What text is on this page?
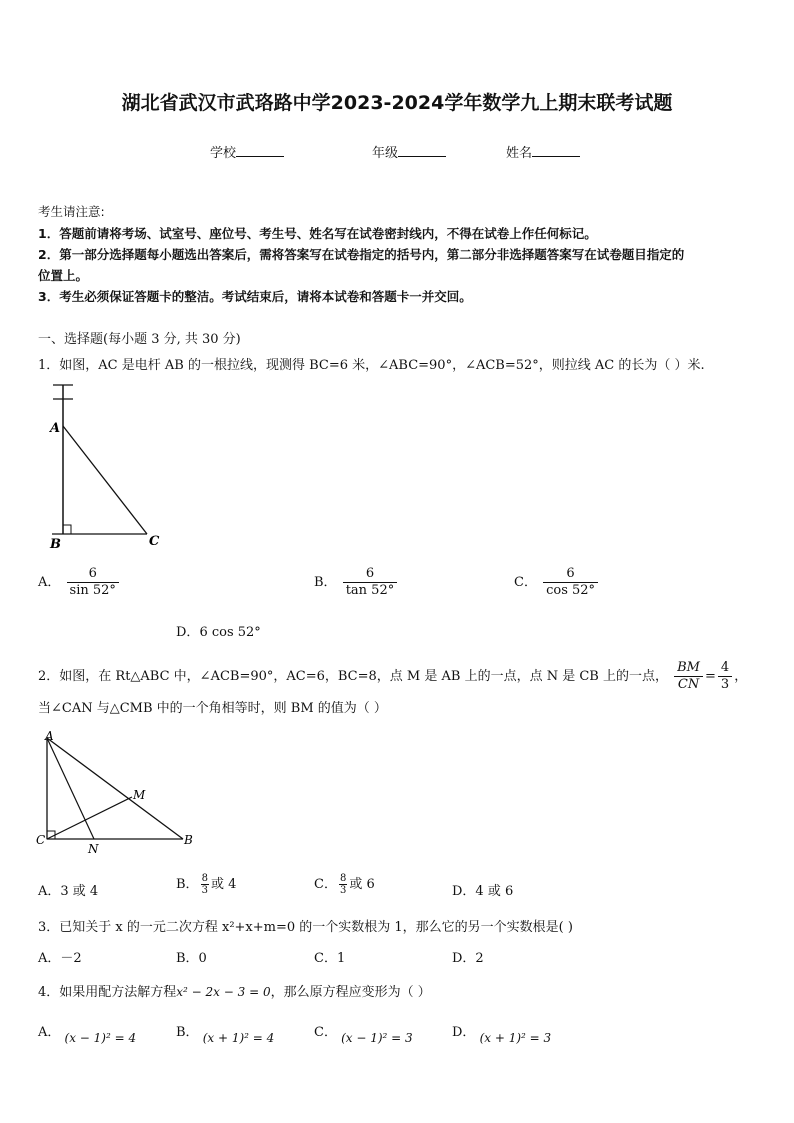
湖北省武汉市武珞路中学2023-2024学年数学九上期末联考试题
学校	年级	姓名
考生请注意:
1．答题前请将考场、试室号、座位号、考生号、姓名写在试卷密封线内，不得在试卷上作任何标记。
2．第一部分选择题每小题选出答案后，需将答案写在试卷指定的括号内，第二部分非选择题答案写在试卷题目指定的
位置上。
3．考生必须保证答题卡的整洁。考试结束后，请将本试卷和答题卡一并交回。
一、选择题(每小题 3 分, 共 30 分)
1．如图，AC 是电杆 AB 的一根拉线，现测得 BC=6 米，∠ABC=90°，∠ACB=52°，则拉线 AC 的长为（ ）米.
A
B	C
A． $\frac{6}{\sin 52^\circ}$	B． $\frac{6}{\tan 52^\circ}$	C． $\frac{6}{\cos 52^\circ}$
D．6 cos 52°
2．如图，在 Rt△ABC 中，∠ACB=90°，AC=6，BC=8，点 M 是 AB 上的一点，点 N 是 CB 上的一点， $\frac{BM}{CN} = \frac{4}{3}$ ，
当∠CAN 与△CMB 中的一个角相等时，则 BM 的值为（ ）
A
M
C
N
B
A．3 或 4	B． $\frac{8}{3}$ 或 4	C． $\frac{8}{3}$ 或 6	D．4 或 6
3．已知关于 x 的一元二次方程 x²+x+m=0 的一个实数根为 1，那么它的另一个实数根是( )
A．－2	B．0	C．1	D．2
4．如果用配方法解方程x² − 2x − 3 = 0，那么原方程应变形为（ ）
A． (x − 1)² = 4	B． (x + 1)² = 4	C． (x − 1)² = 3	D． (x + 1)² = 3
